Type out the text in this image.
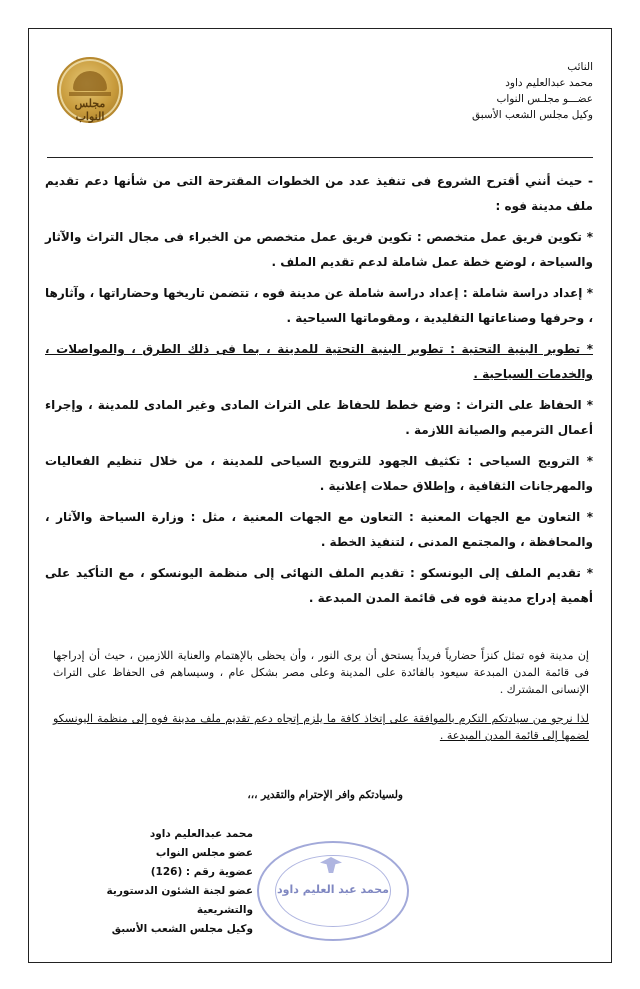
النائب
محمد عبدالعليم داود
عضـــو مجلـس النواب
وكيل مجلس الشعب الأسبق
مجلس النواب

- حيث أنني أقترح الشروع فى تنفيذ عدد من الخطوات المقترحة التى من شأنها دعم تقديم ملف مدينة فوه :

* تكوين فريق عمل متخصص : تكوين فريق عمل متخصص من الخبراء فى مجال التراث والآثار والسياحة ، لوضع خطة عمل شاملة لدعم تقديم الملف .

* إعداد دراسة شاملة : إعداد دراسة شاملة عن مدينة فوه ، تتضمن تاريخها وحضاراتها ، وآثارها ، وحرفها وصناعاتها التقليدية ، ومقوماتها السياحية .

* تطوير البنية التحتية : تطوير البنية التحتية للمدينة ، بما فى ذلك الطرق ، والمواصلات ، والخدمات السياحية .

* الحفاظ على التراث : وضع خطط للحفاظ على التراث المادى وغير المادى للمدينة ، وإجراء أعمال الترميم والصيانة اللازمة .

* الترويج السياحى : تكثيف الجهود للترويج السياحى للمدينة ، من خلال تنظيم الفعاليات والمهرجانات الثقافية ، وإطلاق حملات إعلانية .

* التعاون مع الجهات المعنية : التعاون مع الجهات المعنية ، مثل : وزارة السياحة والآثار ، والمحافظة ، والمجتمع المدنى ، لتنفيذ الخطة .

* تقديم الملف إلى اليونسكو : تقديم الملف النهائى إلى منظمة اليونسكو ، مع التأكيد على أهمية إدراج مدينة فوه فى قائمة المدن المبدعة .

إن مدينة فوه تمثل كنزاً حضارياً فريداً يستحق أن يرى النور ، وأن يحظى بالإهتمام والعناية اللازمين ، حيث أن إدراجها فى قائمة المدن المبدعة سيعود بالفائدة على المدينة وعلى مصر بشكل عام ، وسيساهم فى الحفاظ على التراث الإنسانى المشترك .

لذا نرجو من سيادتكم التكرم بالموافقة على إتخاذ كافة ما يلزم إتجاه دعم تقديم ملف مدينة فوه إلى منظمة اليونسكو لضمها إلى قائمة المدن المبدعة .

ولسيادتكم وافر الإحترام والتقدير ،،،
محمد عبد العليم داود
محمد عبدالعليم داود
عضو مجلس النواب
عضوية رقم : (126)
عضو لجنة الشئون الدستورية والتشريعية
وكيل مجلس الشعب الأسبق
